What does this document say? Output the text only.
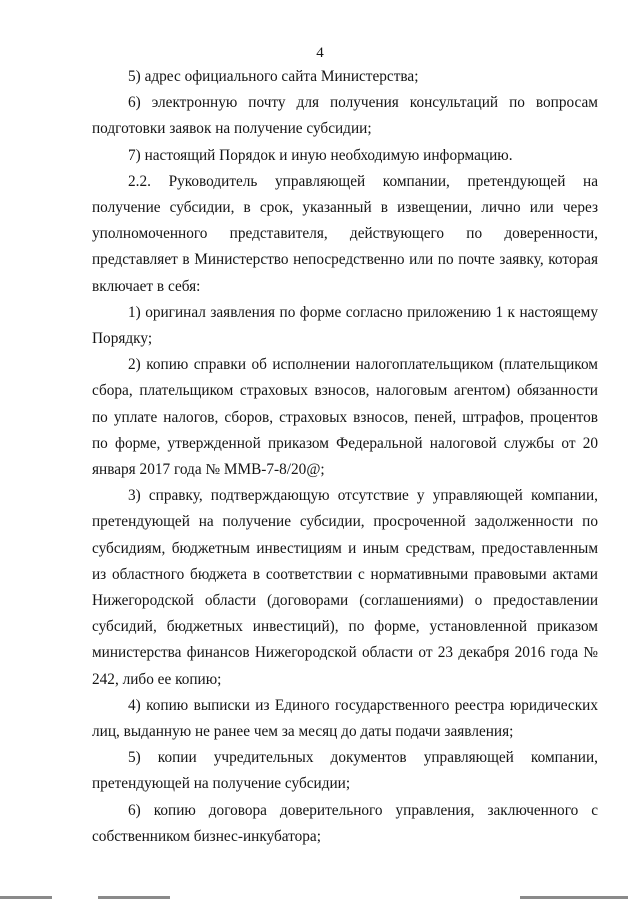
4

5) адрес официального сайта Министерства;

6) электронную почту для получения консультаций по вопросам подготовки заявок на получение субсидии;

7) настоящий Порядок и иную необходимую информацию.

2.2. Руководитель управляющей компании, претендующей на получение субсидии, в срок, указанный в извещении, лично или через уполномоченного представителя, действующего по доверенности, представляет в Министерство непосредственно или по почте заявку, которая включает в себя:

1) оригинал заявления по форме согласно приложению 1 к настоящему Порядку;

2) копию справки об исполнении налогоплательщиком (плательщиком сбора, плательщиком страховых взносов, налоговым агентом) обязанности по уплате налогов, сборов, страховых взносов, пеней, штрафов, процентов по форме, утвержденной приказом Федеральной налоговой службы от 20 января 2017 года № ММВ-7-8/20@;

3) справку, подтверждающую отсутствие у управляющей компании, претендующей на получение субсидии, просроченной задолженности по субсидиям, бюджетным инвестициям и иным средствам, предоставленным из областного бюджета в соответствии с нормативными правовыми актами Нижегородской области (договорами (соглашениями) о предоставлении субсидий, бюджетных инвестиций), по форме, установленной приказом министерства финансов Нижегородской области от 23 декабря 2016 года № 242, либо ее копию;

4) копию выписки из Единого государственного реестра юридических лиц, выданную не ранее чем за месяц до даты подачи заявления;

5) копии учредительных документов управляющей компании, претендующей на получение субсидии;

6) копию договора доверительного управления, заключенного с собственником бизнес-инкубатора;
